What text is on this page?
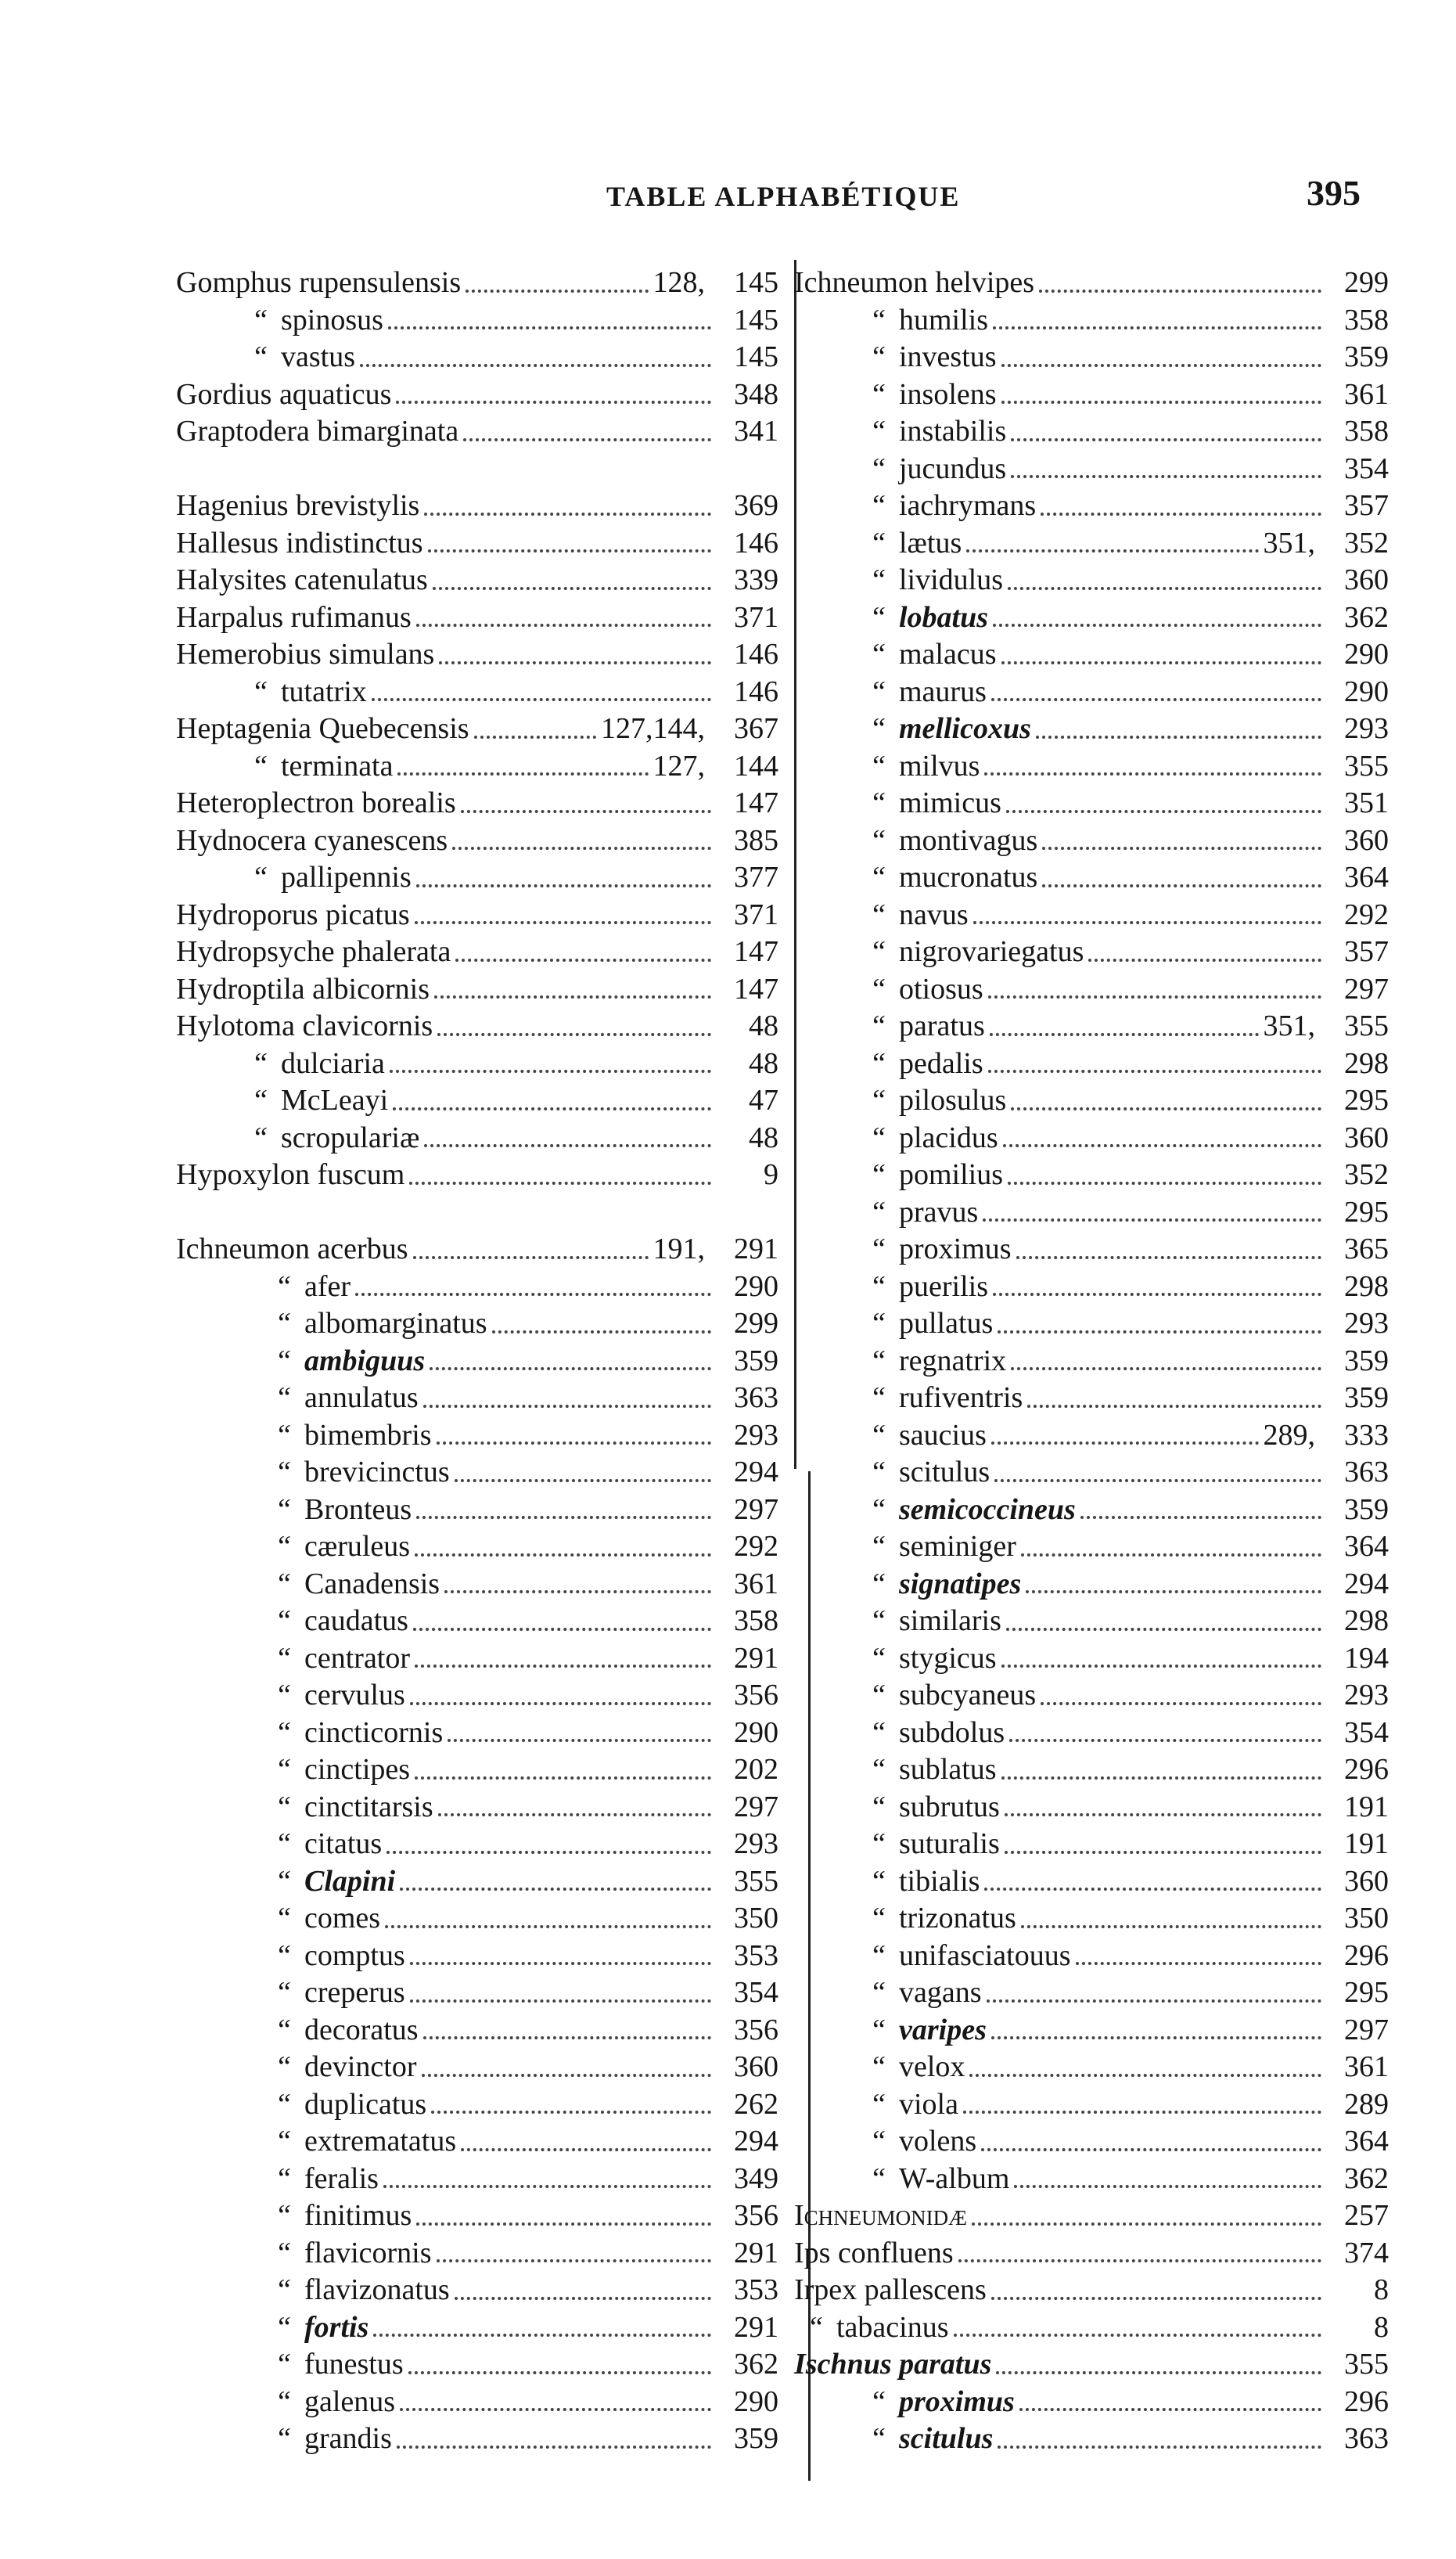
TABLE ALPHABÉTIQUE	395
Gomphus rupensulensis	128, 145
“ spinosus	145
“ vastus	145
Gordius aquaticus	348
Graptodera bimarginata	341
Hagenius brevistylis	369
Hallesus indistinctus	146
Halysites catenulatus	339
Harpalus rufimanus	371
Hemerobius simulans	146
“ tutatrix	146
Heptagenia Quebecensis	127,144, 367
“ terminata	127, 144
Heteroplectron borealis	147
Hydnocera cyanescens	385
“ pallipennis	377
Hydroporus picatus	371
Hydropsyche phalerata	147
Hydroptila albicornis	147
Hylotoma clavicornis	48
“ dulciaria	48
“ McLeayi	47
“ scropulariæ	48
Hypoxylon fuscum	9
Ichneumon acerbus	191, 291
“ afer	290
“ albomarginatus	299
“ ambiguus	359
“ annulatus	363
“ bimembris	293
“ brevicinctus	294
“ Bronteus	297
“ cæruleus	292
“ Canadensis	361
“ caudatus	358
“ centrator	291
“ cervulus	356
“ cincticornis	290
“ cinctipes	202
“ cinctitarsis	297
“ citatus	293
“ Clapini	355
“ comes	350
“ comptus	353
“ creperus	354
“ decoratus	356
“ devinctor	360
“ duplicatus	262
“ extrematatus	294
“ feralis	349
“ finitimus	356
“ flavicornis	291
“ flavizonatus	353
“ fortis	291
“ funestus	362
“ galenus	290
“ grandis	359
Ichneumon helvipes	299
“ humilis	358
“ investus	359
“ insolens	361
“ instabilis	358
“ jucundus	354
“ iachrymans	357
“ lætus	351, 352
“ lividulus	360
“ lobatus	362
“ malacus	290
“ maurus	290
“ mellicoxus	293
“ milvus	355
“ mimicus	351
“ montivagus	360
“ mucronatus	364
“ navus	292
“ nigrovariegatus	357
“ otiosus	297
“ paratus	351, 355
“ pedalis	298
“ pilosulus	295
“ placidus	360
“ pomilius	352
“ pravus	295
“ proximus	365
“ puerilis	298
“ pullatus	293
“ regnatrix	359
“ rufiventris	359
“ saucius	289, 333
“ scitulus	363
“ semicoccineus	359
“ seminiger	364
“ signatipes	294
“ similaris	298
“ stygicus	194
“ subcyaneus	293
“ subdolus	354
“ sublatus	296
“ subrutus	191
“ suturalis	191
“ tibialis	360
“ trizonatus	350
“ unifasciatouus	296
“ vagans	295
“ varipes	297
“ velox	361
“ viola	289
“ volens	364
“ W-album	362
Ichneumonidæ	257
Ips confluens	374
Irpex pallescens	8
“ tabacinus	8
Ischnus paratus	355
“ proximus	296
“ scitulus	363
